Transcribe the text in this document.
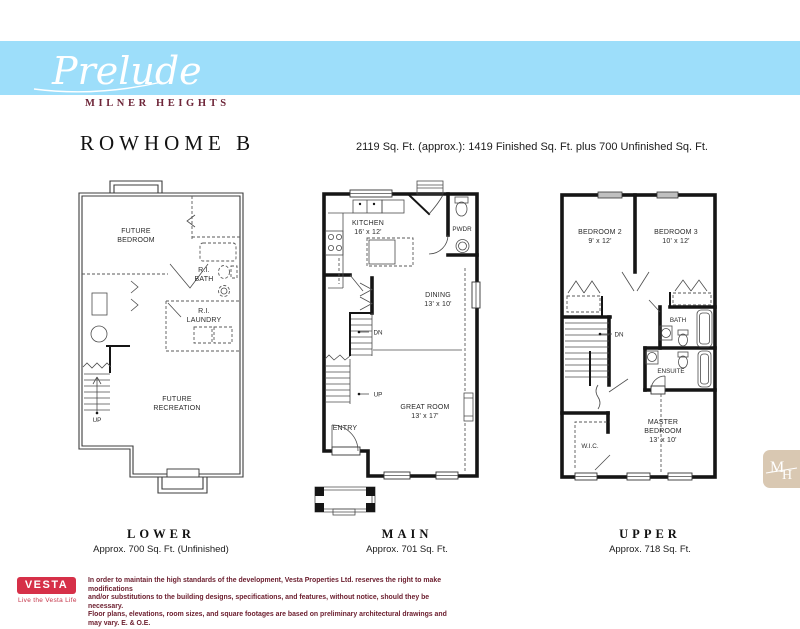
Prelude
MILNER HEIGHTS
ROWHOME B	2119 Sq. Ft. (approx.): 1419 Finished Sq. Ft. plus 700 Unfinished Sq. Ft.
FUTURE
BEDROOM
R.I.
BATH
R.I.
LAUNDRY
FUTURE
RECREATION
UP
KITCHEN
16' x 12'	PWDR
DINING
13' x 10'
DN
UP
GREAT ROOM
13' x 17'
ENTRY
BEDROOM 2
9' x 12'
BEDROOM 3
10' x 12'
DN
BATH
ENSUITE
MASTER
BEDROOM
13' x 10'
W.I.C.
LOWER
Approx. 700 Sq. Ft. (Unfinished)
MAIN
Approx. 701 Sq. Ft.
UPPER
Approx. 718 Sq. Ft.
M
H
VESTA
Live the Vesta Life
In order to maintain the high standards of the development, Vesta Properties Ltd. reserves the right to make modifications
and/or substitutions to the building designs, specifications, and features, without notice, should they be necessary.
Floor plans, elevations, room sizes, and square footages are based on preliminary architectural drawings and may vary. E. & O.E.
